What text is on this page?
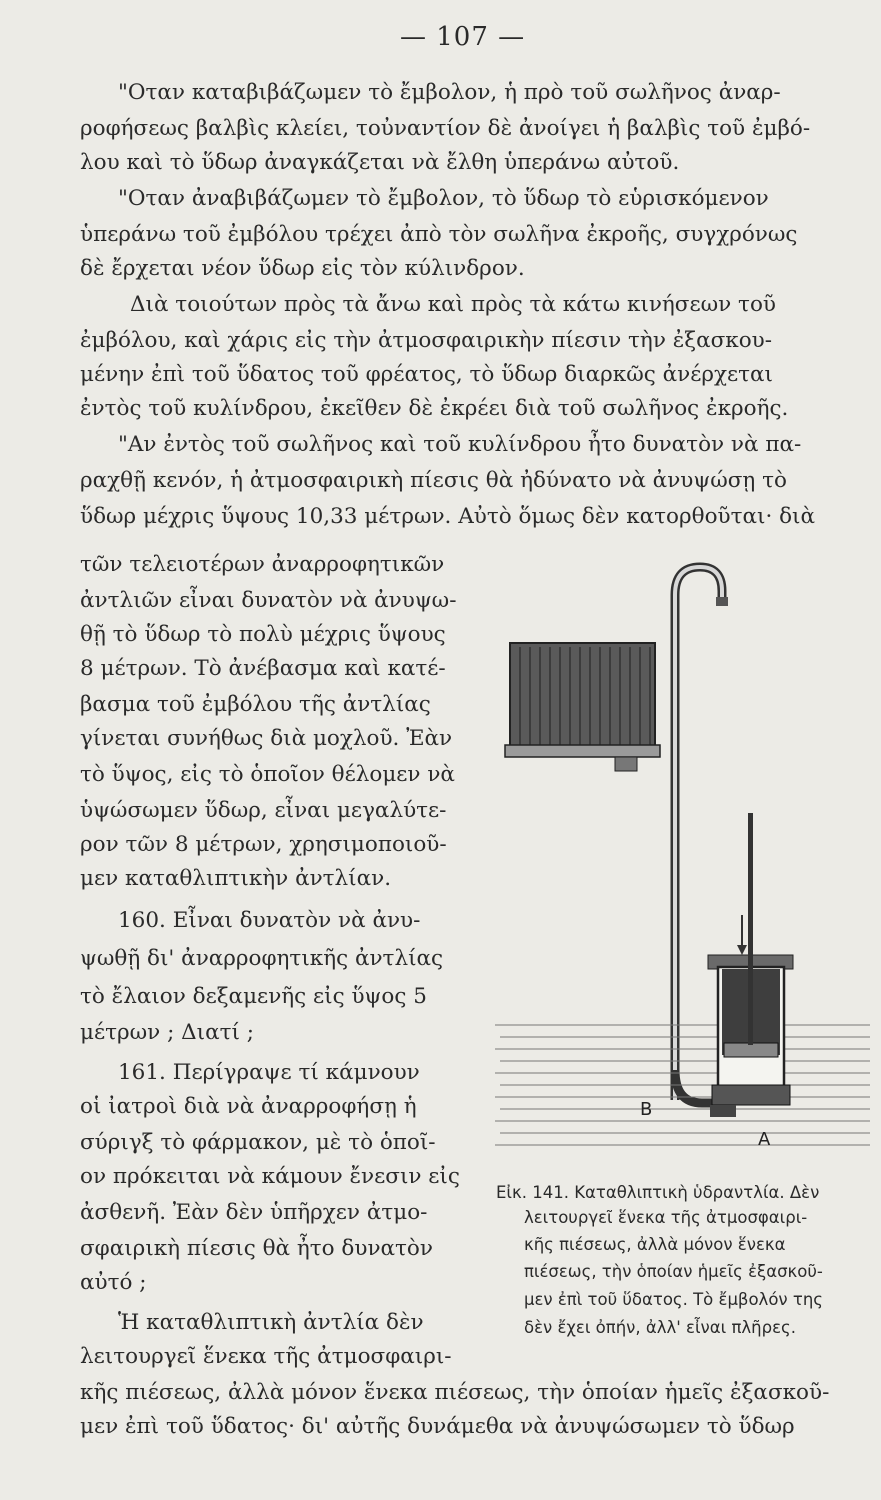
— 107 —
"Οταν καταβιβάζωμεν τὸ ἔμβολον, ἡ πρὸ τοῦ σωλῆνος ἀναρ-
ροφήσεως βαλβὶς κλείει, τοὐναντίον δὲ ἀνοίγει ἡ βαλβὶς τοῦ ἐμβό-
λου καὶ τὸ ὕδωρ ἀναγκάζεται νὰ ἔλθη ὑπεράνω αὐτοῦ.
"Οταν ἀναβιβάζωμεν τὸ ἔμβολον, τὸ ὕδωρ τὸ εὑρισκόμενον
ὑπεράνω τοῦ ἐμβόλου τρέχει ἀπὸ τὸν σωλῆνα ἐκροῆς, συγχρόνως
δὲ ἔρχεται νέον ὕδωρ εἰς τὸν κύλινδρον.
Διὰ τοιούτων πρὸς τὰ ἄνω καὶ πρὸς τὰ κάτω κινήσεων τοῦ
ἐμβόλου, καὶ χάρις εἰς τὴν ἀτμοσφαιρικὴν πίεσιν τὴν ἐξασκου-
μένην ἐπὶ τοῦ ὕδατος τοῦ φρέατος, τὸ ὕδωρ διαρκῶς ἀνέρχεται
ἐντὸς τοῦ κυλίνδρου, ἐκεῖθεν δὲ ἐκρέει διὰ τοῦ σωλῆνος ἐκροῆς.
"Αν ἐντὸς τοῦ σωλῆνος καὶ τοῦ κυλίνδρου ἦτο δυνατὸν νὰ πα-
ραχθῇ κενόν, ἡ ἀτμοσφαιρικὴ πίεσις θὰ ἠδύνατο νὰ ἀνυψώσῃ τὸ
ὕδωρ μέχρις ὕψους 10,33 μέτρων. Αὐτὸ ὅμως δὲν κατορθοῦται· διὰ
τῶν τελειοτέρων ἀναρροφητικῶν
ἀντλιῶν εἶναι δυνατὸν νὰ ἀνυψω-
θῇ τὸ ὕδωρ τὸ πολὺ μέχρις ὕψους
8 μέτρων. Τὸ ἀνέβασμα καὶ κατέ-
βασμα τοῦ ἐμβόλου τῆς ἀντλίας
γίνεται συνήθως διὰ μοχλοῦ. Ἐὰν
τὸ ὕψος, εἰς τὸ ὁποῖον θέλομεν νὰ
ὑψώσωμεν ὕδωρ, εἶναι μεγαλύτε-
ρον τῶν 8 μέτρων, χρησιμοποιοῦ-
μεν καταθλιπτικὴν ἀντλίαν.
160. Εἶναι δυνατὸν νὰ ἀνυ-
ψωθῇ δι' ἀναρροφητικῆς ἀντλίας
τὸ ἔλαιον δεξαμενῆς εἰς ὕψος 5
μέτρων ; Διατί ;
161. Περίγραψε τί κάμνουν
οἱ ἰατροὶ διὰ νὰ ἀναρροφήσῃ ἡ
σύριγξ τὸ φάρμακον, μὲ τὸ ὁποῖ-
ον πρόκειται νὰ κάμουν ἔνεσιν εἰς
ἀσθενῆ. Ἐὰν δὲν ὑπῆρχεν ἀτμο-
σφαιρικὴ πίεσις θὰ ἦτο δυνατὸν
αὐτό ;
Ἡ καταθλιπτικὴ ἀντλία δὲν
λειτουργεῖ ἕνεκα τῆς ἀτμοσφαιρι-
κῆς πιέσεως, ἀλλὰ μόνον ἕνεκα πιέσεως, τὴν ὁποίαν ἡμεῖς ἐξασκοῦ-
μεν ἐπὶ τοῦ ὕδατος· δι' αὐτῆς δυνάμεθα νὰ ἀνυψώσωμεν τὸ ὕδωρ
B
A
Εἰκ. 141. Καταθλιπτικὴ ὑδραντλία. Δὲν
λειτουργεῖ ἕνεκα τῆς ἀτμοσφαιρι-
κῆς πιέσεως, ἀλλὰ μόνον ἕνεκα
πιέσεως, τὴν ὁποίαν ἡμεῖς ἐξασκοῦ-
μεν ἐπὶ τοῦ ὕδατος. Τὸ ἔμβολόν της
δὲν ἔχει ὀπήν, ἀλλ' εἶναι πλῆρες.
